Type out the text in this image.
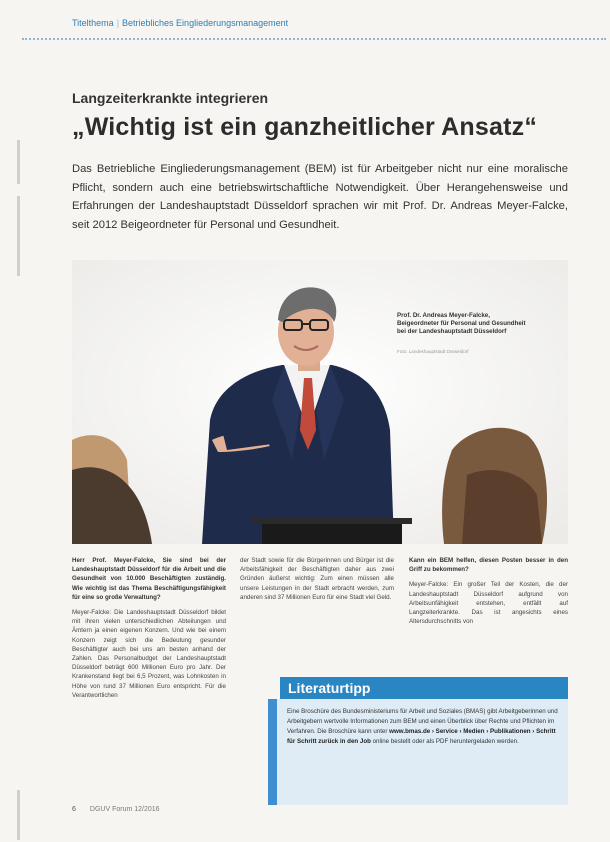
Titelthema | Betriebliches Eingliederungsmanagement
Langzeiterkrankte integrieren
„Wichtig ist ein ganzheitlicher Ansatz“
Das Betriebliche Eingliederungsmanagement (BEM) ist für Arbeitgeber nicht nur eine moralische Pflicht, sondern auch eine betriebswirtschaftliche Notwendigkeit. Über Herangehensweise und Erfahrungen der Landeshauptstadt Düsseldorf sprachen wir mit Prof. Dr. Andreas Meyer-Falcke, seit 2012 Beigeordneter für Personal und Gesundheit.
Prof. Dr. Andreas Meyer-Falcke,
Beigeordneter für Personal und Gesundheit
bei der Landeshauptstadt Düsseldorf
Foto: Landeshauptstadt Düsseldorf

Herr Prof. Meyer-Falcke, Sie sind bei der Landeshauptstadt Düsseldorf für die Arbeit und die Gesundheit von 10.000 Beschäftigten zuständig. Wie wichtig ist das Thema Beschäftigungsfähigkeit für eine so große Verwaltung?

Meyer-Falcke: Die Landeshauptstadt Düsseldorf bildet mit ihren vielen unterschiedlichen Abteilungen und Ämtern ja einen eigenen Konzern. Und wie bei einem Konzern zeigt sich die Bedeutung gesunder Beschäftigter auch bei uns am besten anhand der Zahlen. Das Personalbudget der Landeshauptstadt Düsseldorf beträgt 600 Millionen Euro pro Jahr. Der Krankenstand liegt bei 6,5 Prozent, was Lohnkosten in Höhe von rund 37 Millionen Euro entspricht. Für die Verantwortlichen

der Stadt sowie für die Bürgerinnen und Bürger ist die Arbeitsfähigkeit der Beschäftigten daher aus zwei Gründen äußerst wichtig: Zum einen müssen alle unsere Leistungen in der Stadt erbracht werden, zum anderen sind 37 Millionen Euro für eine Stadt viel Geld.

Kann ein BEM helfen, diesen Posten besser in den Griff zu bekommen?

Meyer-Falcke: Ein großer Teil der Kosten, die der Landeshauptstadt Düsseldorf aufgrund von Arbeitsunfähigkeit entstehen, entfällt auf Langzeiterkrankte. Das ist angesichts eines Altersdurchschnitts von

Literaturtipp
Eine Broschüre des Bundesministeriums für Arbeit und Soziales (BMAS) gibt Arbeitgeberinnen und Arbeitgebern wertvolle Informationen zum BEM und einen Überblick über Rechte und Pflichten im Verfahren. Die Broschüre kann unter www.bmas.de › Service › Medien › Publikationen › Schritt für Schritt zurück in den Job online bestellt oder als PDF heruntergeladen werden.
6 DGUV Forum 12/2016
